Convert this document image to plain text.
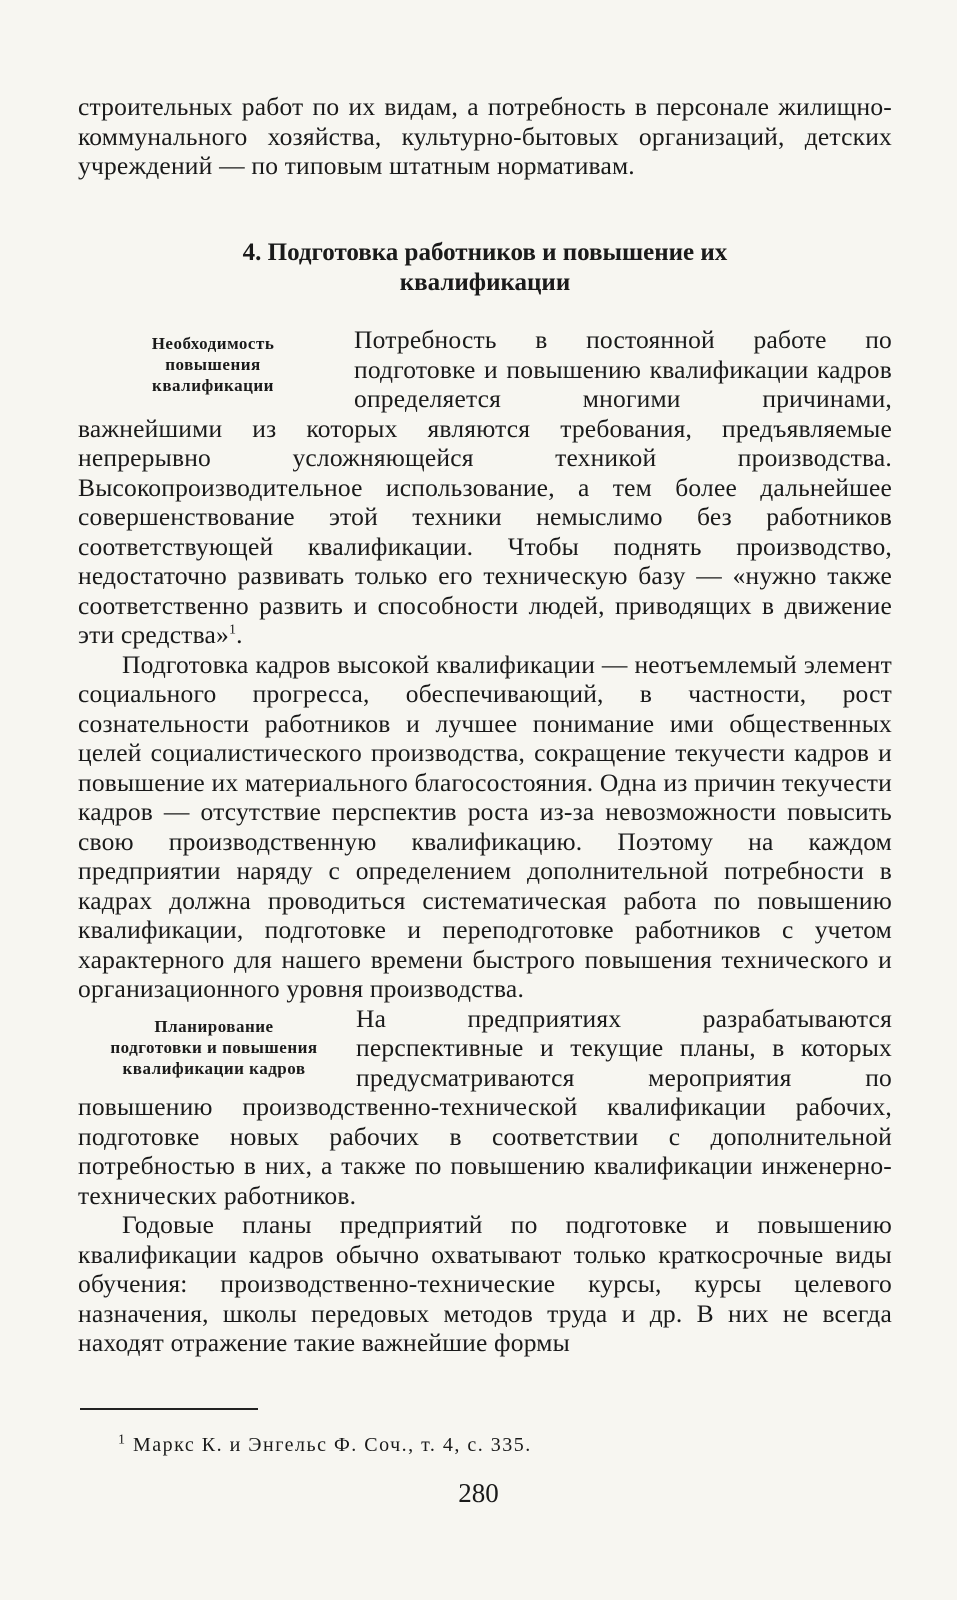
строительных работ по их видам, а потребность в персонале жилищно-коммунального хозяйства, культурно-бытовых организаций, детских учреждений — по типовым штатным нормативам.

4. Подготовка работников и повышение их
квалификации
Необходимость
повышения
квалификации

Потребность в постоянной работе по подготовке и повышению квалификации кадров определяется многими причинами, важнейшими из которых являются требования, предъявляемые непрерывно усложняющейся техникой производства. Высокопроизводительное использование, а тем более дальнейшее совершенствование этой техники немыслимо без работников соответствующей квалификации. Чтобы поднять производство, недостаточно развивать только его техническую базу — «нужно также соответственно развить и способности людей, приводящих в движение эти средства»$^1$.

Подготовка кадров высокой квалификации — неотъемлемый элемент социального прогресса, обеспечивающий, в частности, рост сознательности работников и лучшее понимание ими общественных целей социалистического производства, сокращение текучести кадров и повышение их материального благосостояния. Одна из причин текучести кадров — отсутствие перспектив роста из-за невозможности повысить свою производственную квалификацию. Поэтому на каждом предприятии наряду с определением дополнительной потребности в кадрах должна проводиться систематическая работа по повышению квалификации, подготовке и переподготовке работников с учетом характерного для нашего времени быстрого повышения технического и организационного уровня производства.

Планирование
подготовки и повышения
квалификации кадров

На предприятиях разрабатываются перспективные и текущие планы, в которых предусматриваются мероприятия по повышению производственно-технической квалификации рабочих, подготовке новых рабочих в соответствии с дополнительной потребностью в них, а также по повышению квалификации инженерно-технических работников.

Годовые планы предприятий по подготовке и повышению квалификации кадров обычно охватывают только краткосрочные виды обучения: производственно-технические курсы, курсы целевого назначения, школы передовых методов труда и др. В них не всегда находят отражение такие важнейшие формы

$^1$ Маркс К. и Энгельс Ф. Соч., т. 4, с. 335.
280
